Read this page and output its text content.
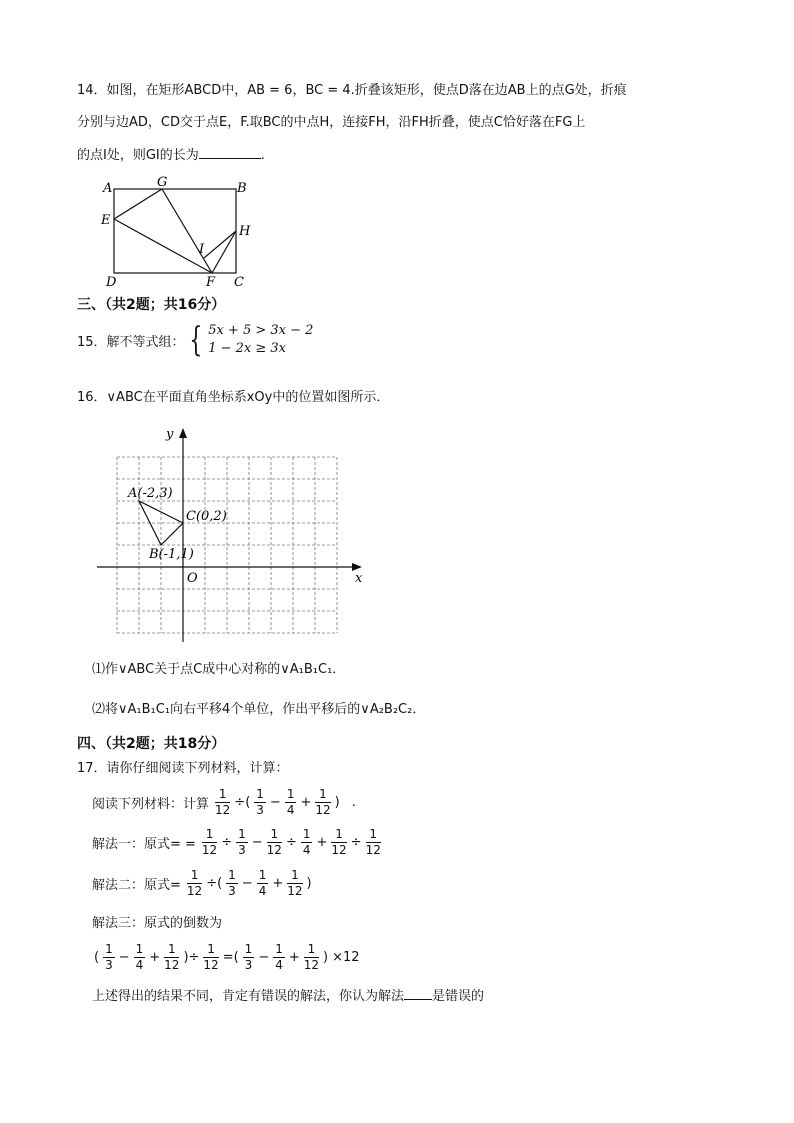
14．如图，在矩形ABCD中，AB = 6，BC = 4.折叠该矩形，使点D落在边AB上的点G处，折痕
分别与边AD，CD交于点E，F.取BC的中点H，连接FH，沿FH折叠，使点C恰好落在FG上
的点I处，则GI的长为	.
A	G	B
E
I
H
D	F C
三、（共2题；共16分）
15．解不等式组： { 5x + 5 > 3x − 2
1 − 2x ≥ 3x
16．∨ABC在平面直角坐标系xOy中的位置如图所示．
y
x
O
A(-2,3)
B(-1,1)
C(0,2)
⑴作∨ABC关于点C成中心对称的∨A₁B₁C₁．
⑵将∨A₁B₁C₁向右平移4个单位，作出平移后的∨A₂B₂C₂．
四、（共2题；共18分）
17．请你仔细阅读下列材料，计算：
阅读下列材料：计算 $\frac{1}{12}$ ÷( $\frac{1}{3} - \frac{1}{4} + \frac{1}{12}$ ) .
解法一：原式= = $\frac{1}{12} \div \frac{1}{3} - \frac{1}{12} \div \frac{1}{4} + \frac{1}{12} \div \frac{1}{12}$
解法二：原式= $\frac{1}{12}$ ÷( $\frac{1}{3} - \frac{1}{4} + \frac{1}{12}$ )
解法三：原式的倒数为
( $\frac{1}{3} - \frac{1}{4} + \frac{1}{12}$ )÷ $\frac{1}{12}$ =( $\frac{1}{3} - \frac{1}{4} + \frac{1}{12}$ ) ×12
上述得出的结果不同，肯定有错误的解法，你认为解法 是错误的
